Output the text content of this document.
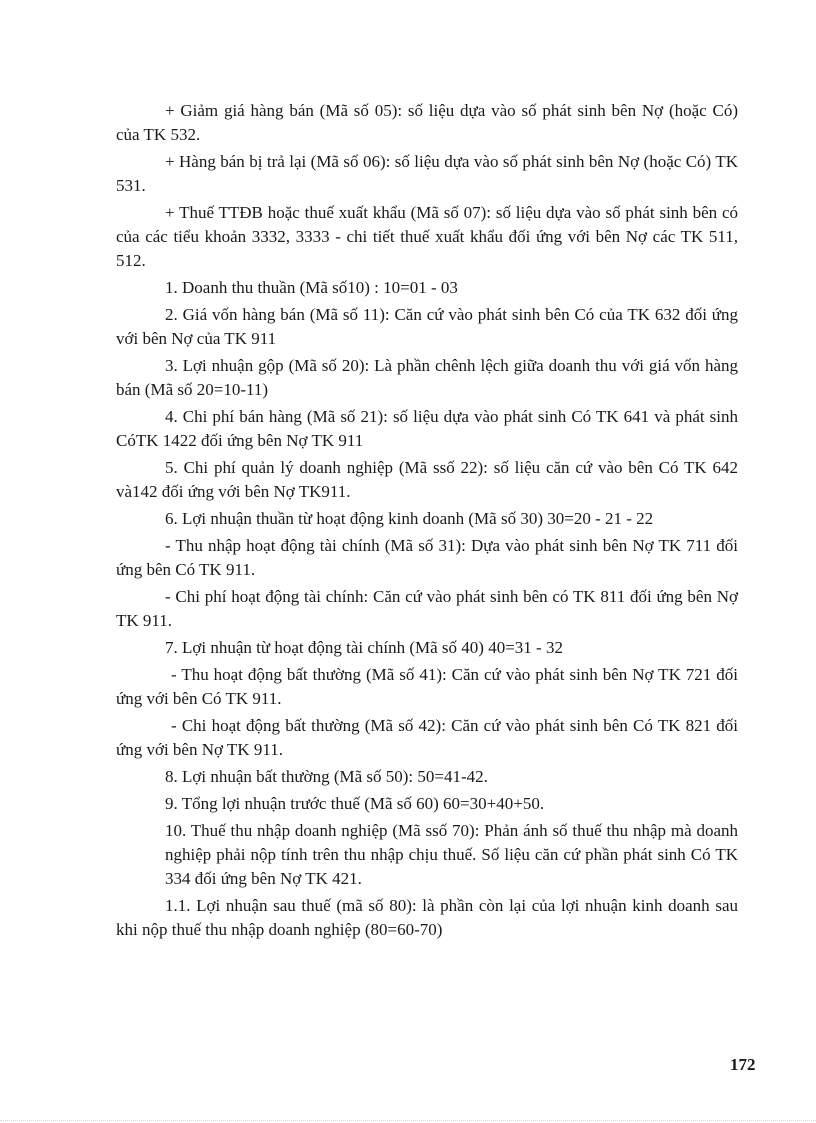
+ Giảm giá hàng bán (Mã số 05): số liệu dựa vào số phát sinh bên Nợ (hoặc Có) của TK 532.

+ Hàng bán bị trả lại (Mã số 06): số liệu dựa vào số phát sinh bên Nợ (hoặc Có) TK 531.

+ Thuế TTĐB hoặc thuế xuất khẩu (Mã số 07): số liệu dựa vào số phát sinh bên có của các tiểu khoản 3332, 3333 - chi tiết thuế xuất khẩu đối ứng với bên Nợ các TK 511, 512.

1. Doanh thu thuần (Mã số10) : 10=01 - 03

2. Giá vốn hàng bán (Mã số 11): Căn cứ vào phát sinh bên Có của TK 632 đối ứng với bên Nợ của TK 911

3. Lợi nhuận gộp (Mã số 20): Là phần chênh lệch giữa doanh thu với giá vốn hàng bán (Mã số 20=10-11)

4. Chi phí bán hàng (Mã số 21): số liệu dựa vào phát sinh Có TK 641 và phát sinh CóTK 1422 đối ứng bên Nợ TK 911

5. Chi phí quản lý doanh nghiệp (Mã ssố 22): số liệu căn cứ vào bên Có TK 642 và142 đối ứng với bên Nợ TK911.

6. Lợi nhuận thuần từ hoạt động kinh doanh (Mã số 30) 30=20 - 21 - 22

- Thu nhập hoạt động tài chính (Mã số 31): Dựa vào phát sinh bên Nợ TK 711 đối ứng bên Có TK 911.

- Chi phí hoạt động tài chính: Căn cứ vào phát sinh bên có TK 811 đối ứng bên Nợ TK 911.

7. Lợi nhuận từ hoạt động tài chính (Mã số 40) 40=31 - 32

- Thu hoạt động bất thường (Mã số 41): Căn cứ vào phát sinh bên Nợ TK 721 đối ứng với bên Có TK 911.

- Chi hoạt động bất thường (Mã số 42): Căn cứ vào phát sinh bên Có TK 821 đối ứng với bên Nợ TK 911.

8. Lợi nhuận bất thường (Mã số 50): 50=41-42.

9. Tổng lợi nhuận trước thuế (Mã số 60) 60=30+40+50.

10. Thuế thu nhập doanh nghiệp (Mã ssố 70): Phản ánh số thuế thu nhập mà doanh nghiệp phải nộp tính trên thu nhập chịu thuế. Số liệu căn cứ phần phát sinh Có TK 334 đối ứng bên Nợ TK 421.

1.1. Lợi nhuận sau thuế (mã số 80): là phần còn lại của lợi nhuận kinh doanh sau khi nộp thuế thu nhập doanh nghiệp (80=60-70)

172
